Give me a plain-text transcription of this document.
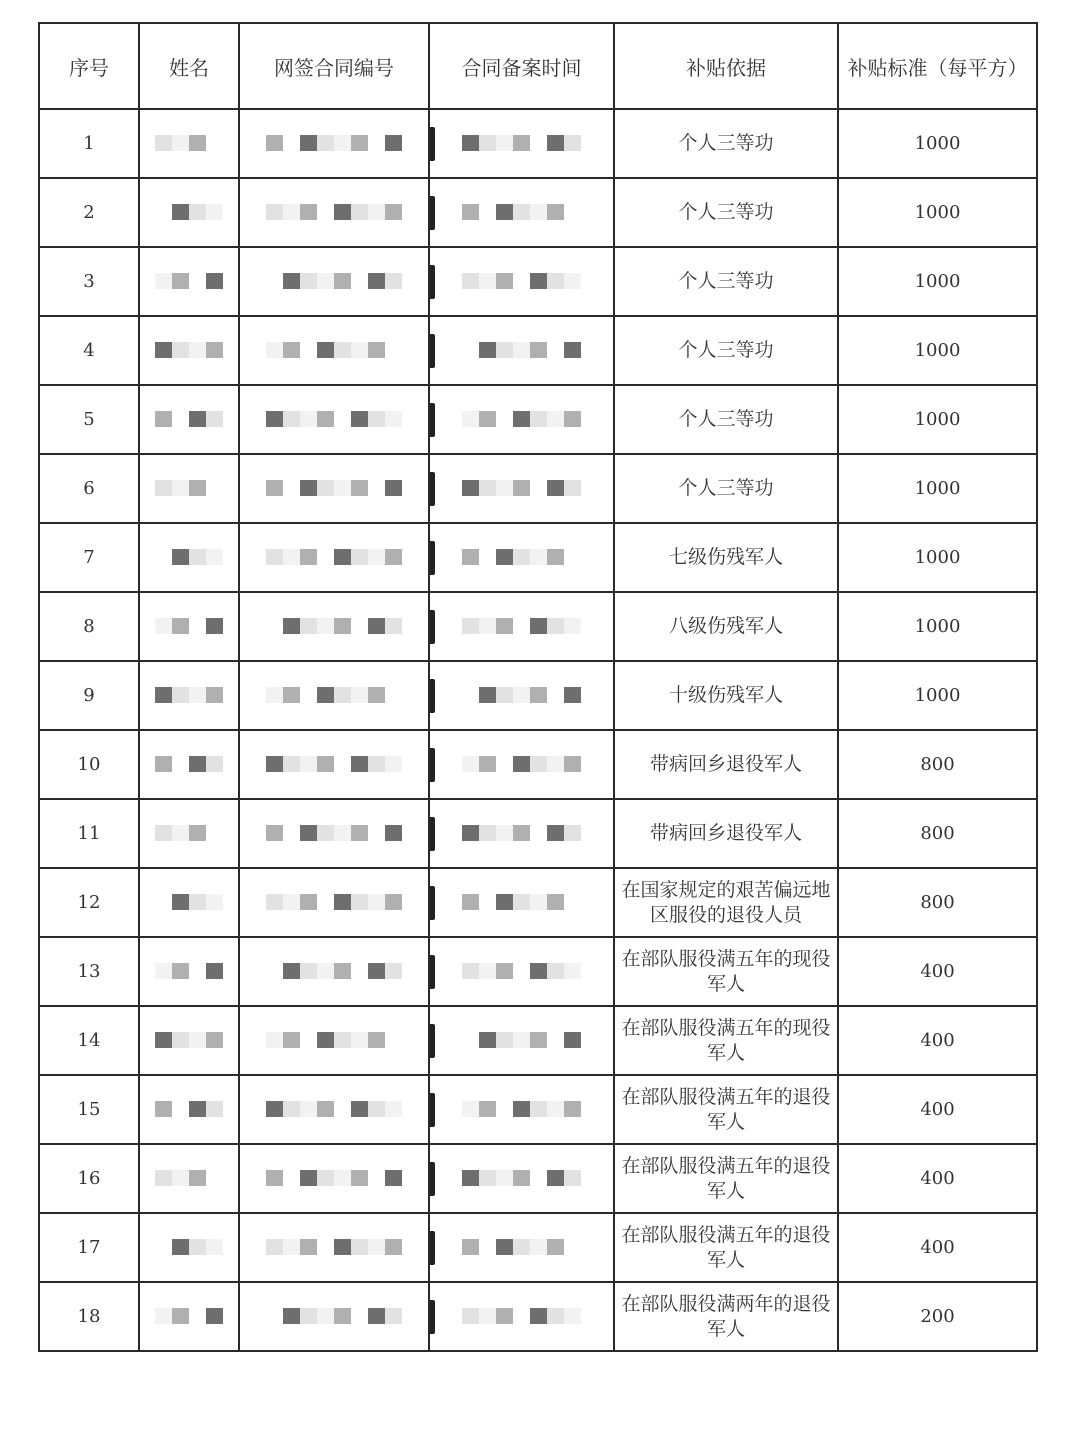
序号	姓名	网签合同编号	合同备案时间	补贴依据	补贴标准（每平方）
1				个人三等功	1000
2				个人三等功	1000
3				个人三等功	1000
4				个人三等功	1000
5				个人三等功	1000
6				个人三等功	1000
7				七级伤残军人	1000
8				八级伤残军人	1000
9				十级伤残军人	1000
10				带病回乡退役军人	800
11				带病回乡退役军人	800
12				在国家规定的艰苦偏远地区服役的退役人员	800
13				在部队服役满五年的现役军人	400
14				在部队服役满五年的现役军人	400
15				在部队服役满五年的退役军人	400
16				在部队服役满五年的退役军人	400
17				在部队服役满五年的退役军人	400
18				在部队服役满两年的退役军人	200
